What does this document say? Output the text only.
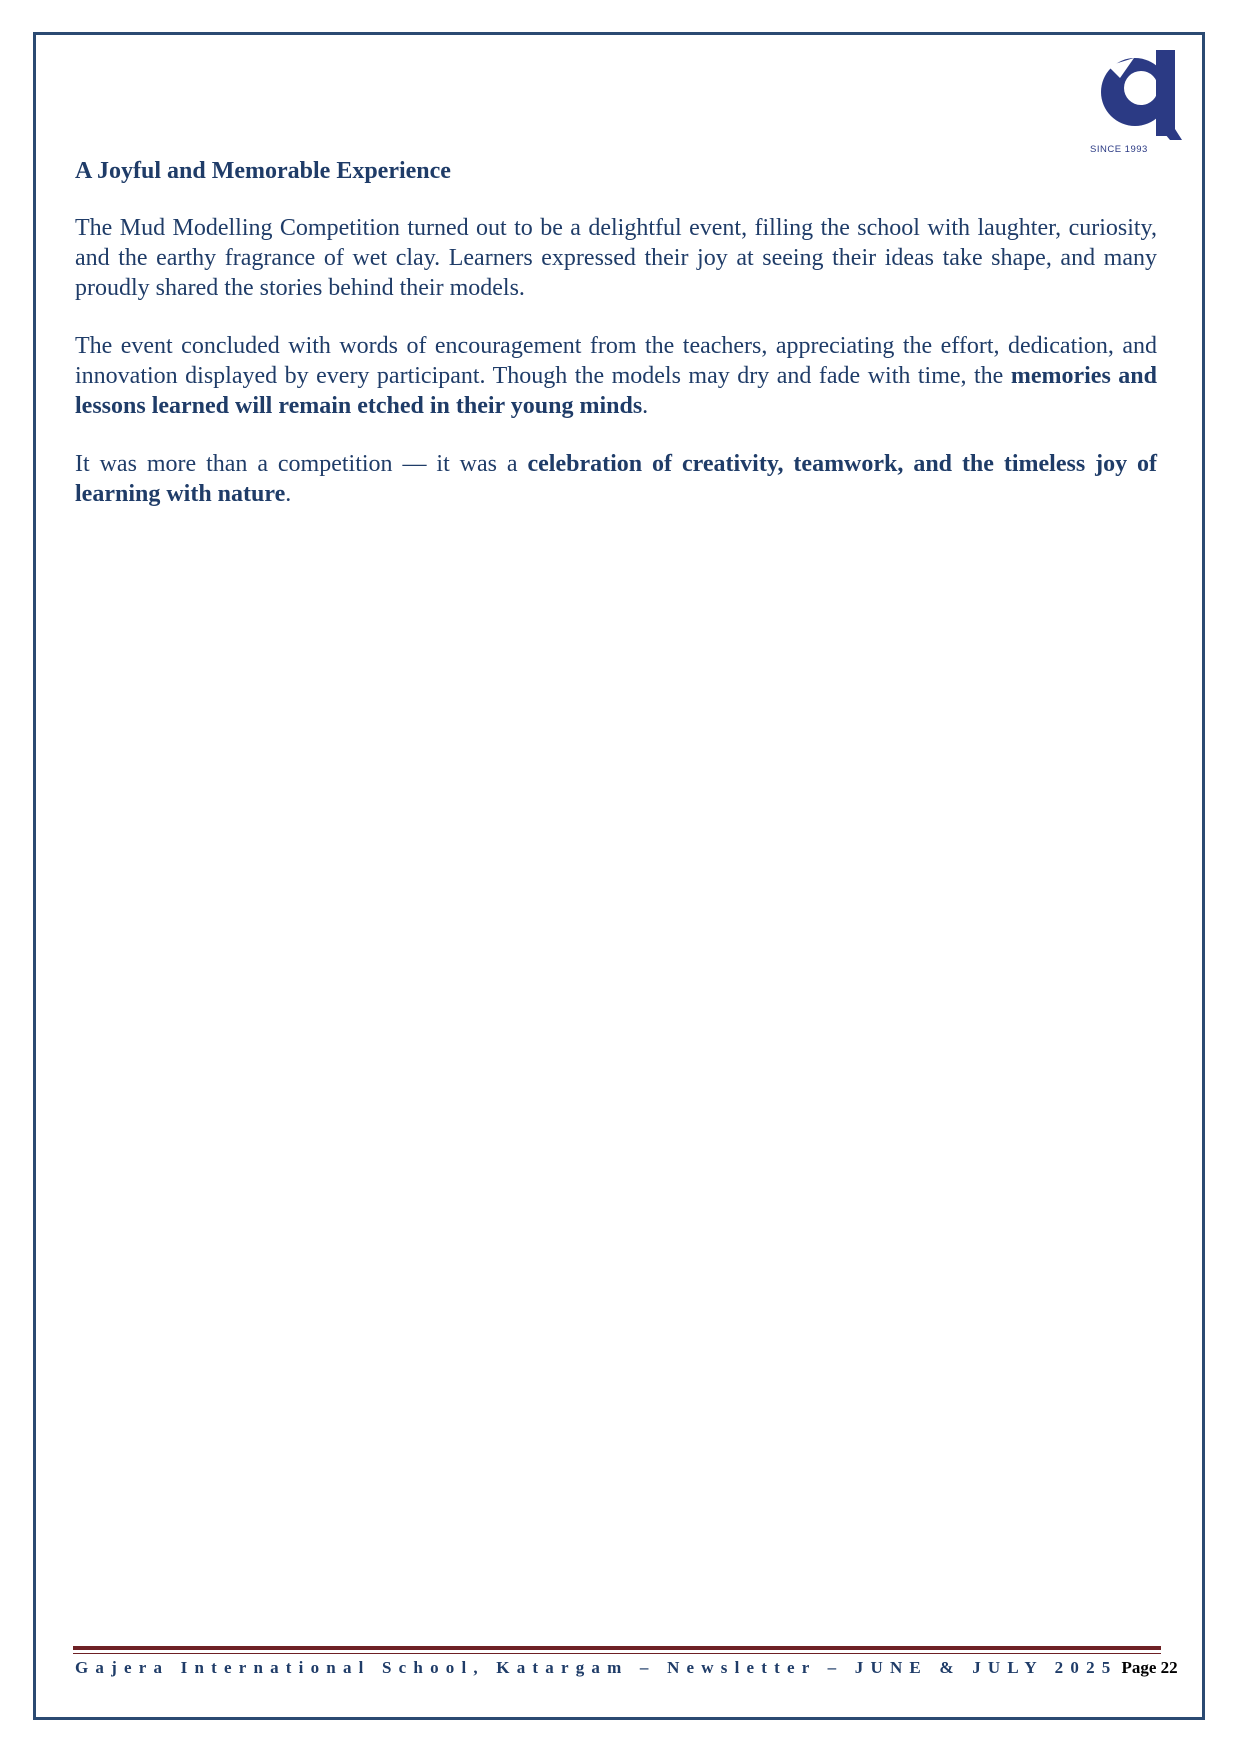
SINCE 1993
A Joyful and Memorable Experience

The Mud Modelling Competition turned out to be a delightful event, filling the school with laughter, curiosity, and the earthy fragrance of wet clay. Learners expressed their joy at seeing their ideas take shape, and many proudly shared the stories behind their models.

The event concluded with words of encouragement from the teachers, appreciating the effort, dedication, and innovation displayed by every participant. Though the models may dry and fade with time, the memories and lessons learned will remain etched in their young minds.

It was more than a competition — it was a celebration of creativity, teamwork, and the timeless joy of learning with nature.

Gajera International School, Katargam – Newsletter – JUNE & JULY 2025 Page 22
